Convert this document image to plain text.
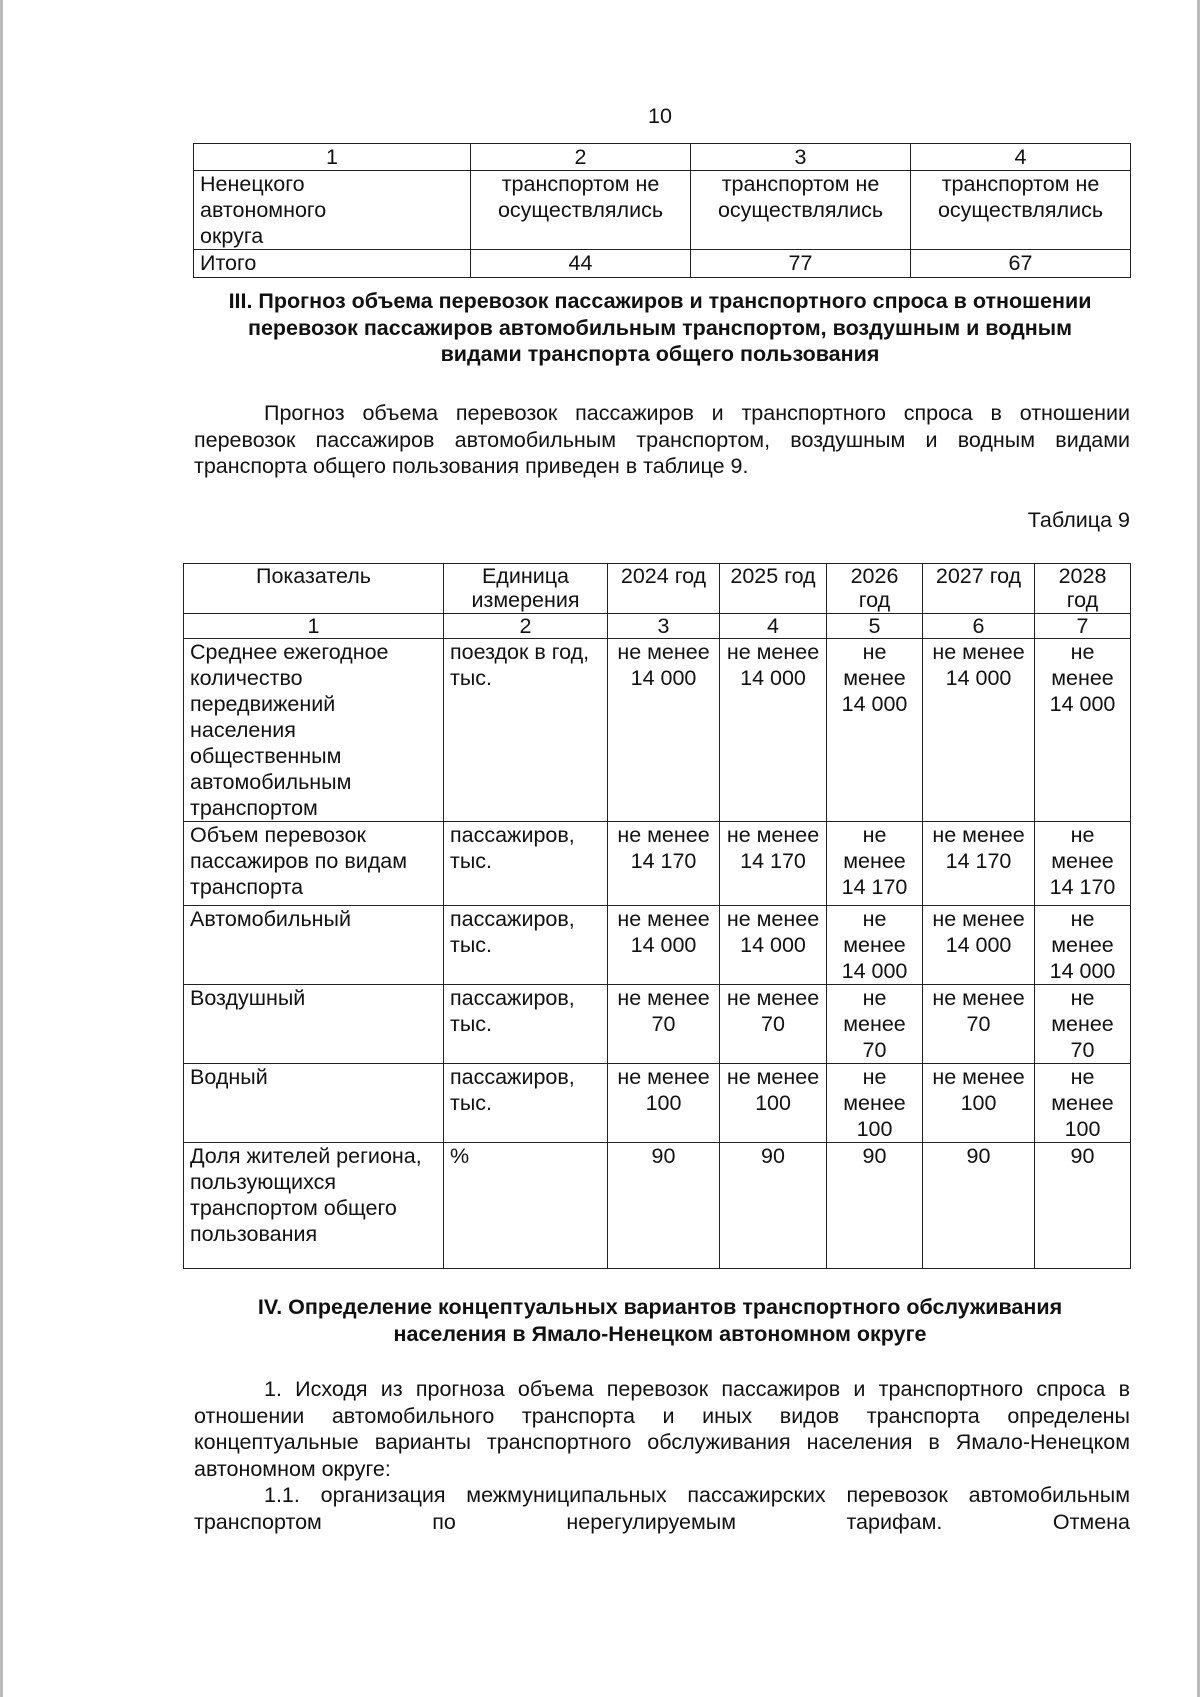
10
1	2	3	4
Ненецкого автономного округа	транспортом не осуществлялись	транспортом не осуществлялись	транспортом не осуществлялись
Итого	44	77	67
III. Прогноз объема перевозок пассажиров и транспортного спроса в отношении перевозок пассажиров автомобильным транспортом, воздушным и водным видами транспорта общего пользования
Прогноз объема перевозок пассажиров и транспортного спроса в отношении перевозок пассажиров автомобильным транспортом, воздушным и водным видами транспорта общего пользования приведен в таблице 9.
Таблица 9
Показатель	Единица измерения	2024 год	2025 год	2026 год	2027 год	2028 год
1	2	3	4	5	6	7
Среднее ежегодное количество передвижений населения общественным автомобильным транспортом	поездок в год, тыс.	не менее 14 000	не менее 14 000	не менее 14 000	не менее 14 000	не менее 14 000
Объем перевозок пассажиров по видам транспорта	пассажиров, тыс.	не менее 14 170	не менее 14 170	не менее 14 170	не менее 14 170	не менее 14 170
Автомобильный	пассажиров, тыс.	не менее 14 000	не менее 14 000	не менее 14 000	не менее 14 000	не менее 14 000
Воздушный	пассажиров, тыс.	не менее 70	не менее 70	не менее 70	не менее 70	не менее 70
Водный	пассажиров, тыс.	не менее 100	не менее 100	не менее 100	не менее 100	не менее 100
Доля жителей региона, пользующихся транспортом общего пользования	%	90	90	90	90	90
IV. Определение концептуальных вариантов транспортного обслуживания населения в Ямало-Ненецком автономном округе
1. Исходя из прогноза объема перевозок пассажиров и транспортного спроса в отношении автомобильного транспорта и иных видов транспорта определены концептуальные варианты транспортного обслуживания населения в Ямало-Ненецком автономном округе:
1.1. организация межмуниципальных пассажирских перевозок автомобильным транспортом по нерегулируемым тарифам. Отмена
